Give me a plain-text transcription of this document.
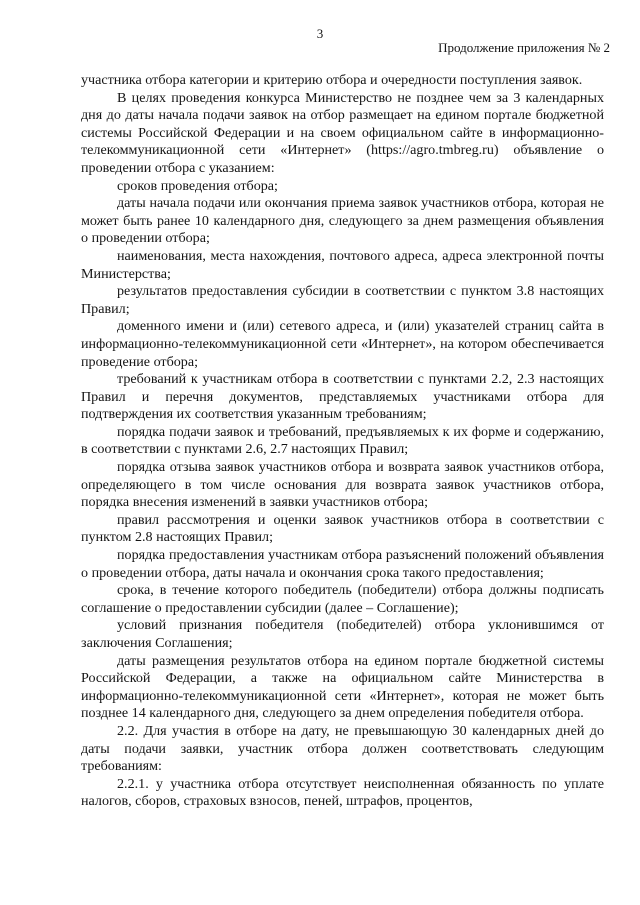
3
Продолжение приложения № 2

участника отбора категории и критерию отбора и очередности поступления заявок.

В целях проведения конкурса Министерство не позднее чем за 3 календарных дня до даты начала подачи заявок на отбор размещает на едином портале бюджетной системы Российской Федерации и на своем официальном сайте в информационно-телекоммуникационной сети «Интернет» (https://agro.tmbreg.ru) объявление о проведении отбора с указанием:

сроков проведения отбора;

даты начала подачи или окончания приема заявок участников отбора, которая не может быть ранее 10 календарного дня, следующего за днем размещения объявления о проведении отбора;

наименования, места нахождения, почтового адреса, адреса электронной почты Министерства;

результатов предоставления субсидии в соответствии с пунктом 3.8 настоящих Правил;

доменного имени и (или) сетевого адреса, и (или) указателей страниц сайта в информационно-телекоммуникационной сети «Интернет», на котором обеспечивается проведение отбора;

требований к участникам отбора в соответствии с пунктами 2.2, 2.3 настоящих Правил и перечня документов, представляемых участниками отбора для подтверждения их соответствия указанным требованиям;

порядка подачи заявок и требований, предъявляемых к их форме и содержанию, в соответствии с пунктами 2.6, 2.7 настоящих Правил;

порядка отзыва заявок участников отбора и возврата заявок участников отбора, определяющего в том числе основания для возврата заявок участников отбора, порядка внесения изменений в заявки участников отбора;

правил рассмотрения и оценки заявок участников отбора в соответствии с пунктом 2.8 настоящих Правил;

порядка предоставления участникам отбора разъяснений положений объявления о проведении отбора, даты начала и окончания срока такого предоставления;

срока, в течение которого победитель (победители) отбора должны подписать соглашение о предоставлении субсидии (далее – Соглашение);

условий признания победителя (победителей) отбора уклонившимся от заключения Соглашения;

даты размещения результатов отбора на едином портале бюджетной системы Российской Федерации, а также на официальном сайте Министерства в информационно-телекоммуникационной сети «Интернет», которая не может быть позднее 14 календарного дня, следующего за днем определения победителя отбора.

2.2. Для участия в отборе на дату, не превышающую 30 календарных дней до даты подачи заявки, участник отбора должен соответствовать следующим требованиям:

2.2.1. у участника отбора отсутствует неисполненная обязанность по уплате налогов, сборов, страховых взносов, пеней, штрафов, процентов,
